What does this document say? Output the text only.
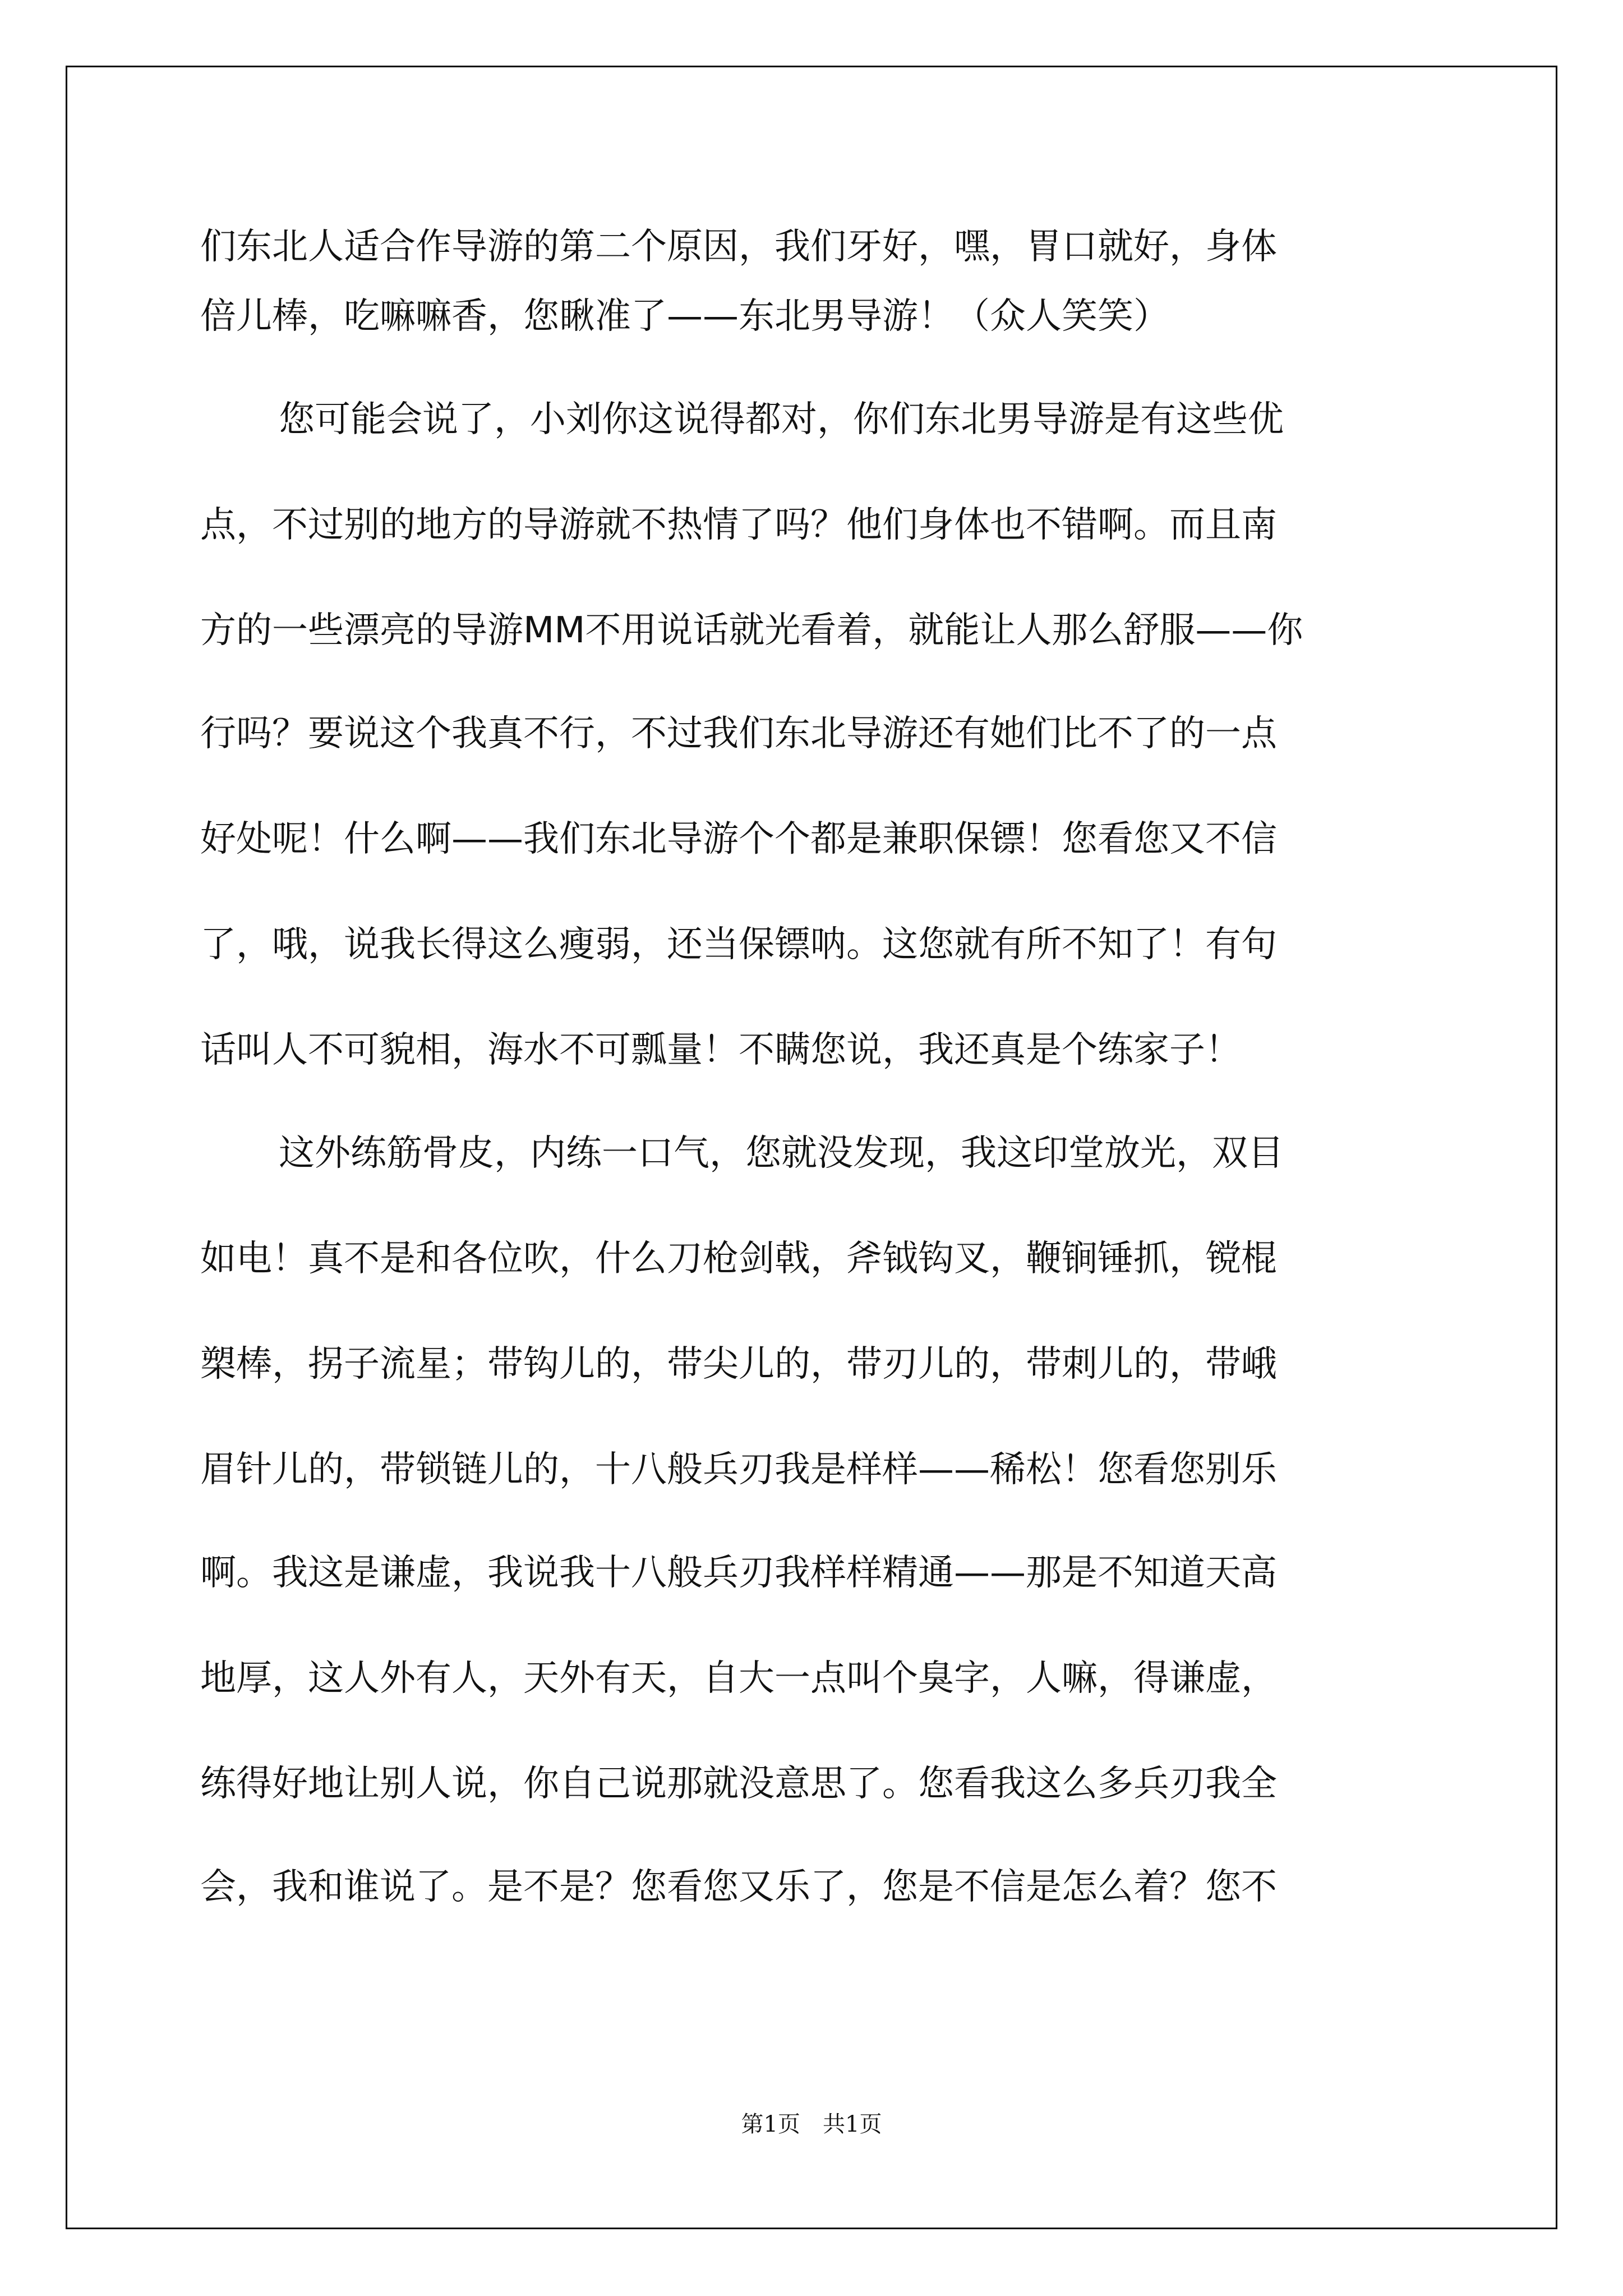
们东北人适合作导游的第二个原因，我们牙好，嘿，胃口就好，身体
倍儿棒，吃嘛嘛香，您瞅准了——东北男导游！（众人笑笑）
您可能会说了，小刘你这说得都对，你们东北男导游是有这些优
点，不过别的地方的导游就不热情了吗？他们身体也不错啊。而且南
方的一些漂亮的导游MM不用说话就光看着，就能让人那么舒服——你
行吗？要说这个我真不行，不过我们东北导游还有她们比不了的一点
好处呢！什么啊——我们东北导游个个都是兼职保镖！您看您又不信
了，哦，说我长得这么瘦弱，还当保镖呐。这您就有所不知了！有句
话叫人不可貌相，海水不可瓢量！不瞒您说，我还真是个练家子！
这外练筋骨皮，内练一口气，您就没发现，我这印堂放光，双目
如电！真不是和各位吹，什么刀枪剑戟，斧钺钩叉，鞭锏锤抓，镋棍
槊棒，拐子流星；带钩儿的，带尖儿的，带刃儿的，带刺儿的，带峨
眉针儿的，带锁链儿的，十八般兵刃我是样样——稀松！您看您别乐
啊。我这是谦虚，我说我十八般兵刃我样样精通——那是不知道天高
地厚，这人外有人，天外有天，自大一点叫个臭字，人嘛，得谦虚，
练得好地让别人说，你自己说那就没意思了。您看我这么多兵刃我全
会，我和谁说了。是不是？您看您又乐了，您是不信是怎么着？您不
第1页　共1页
